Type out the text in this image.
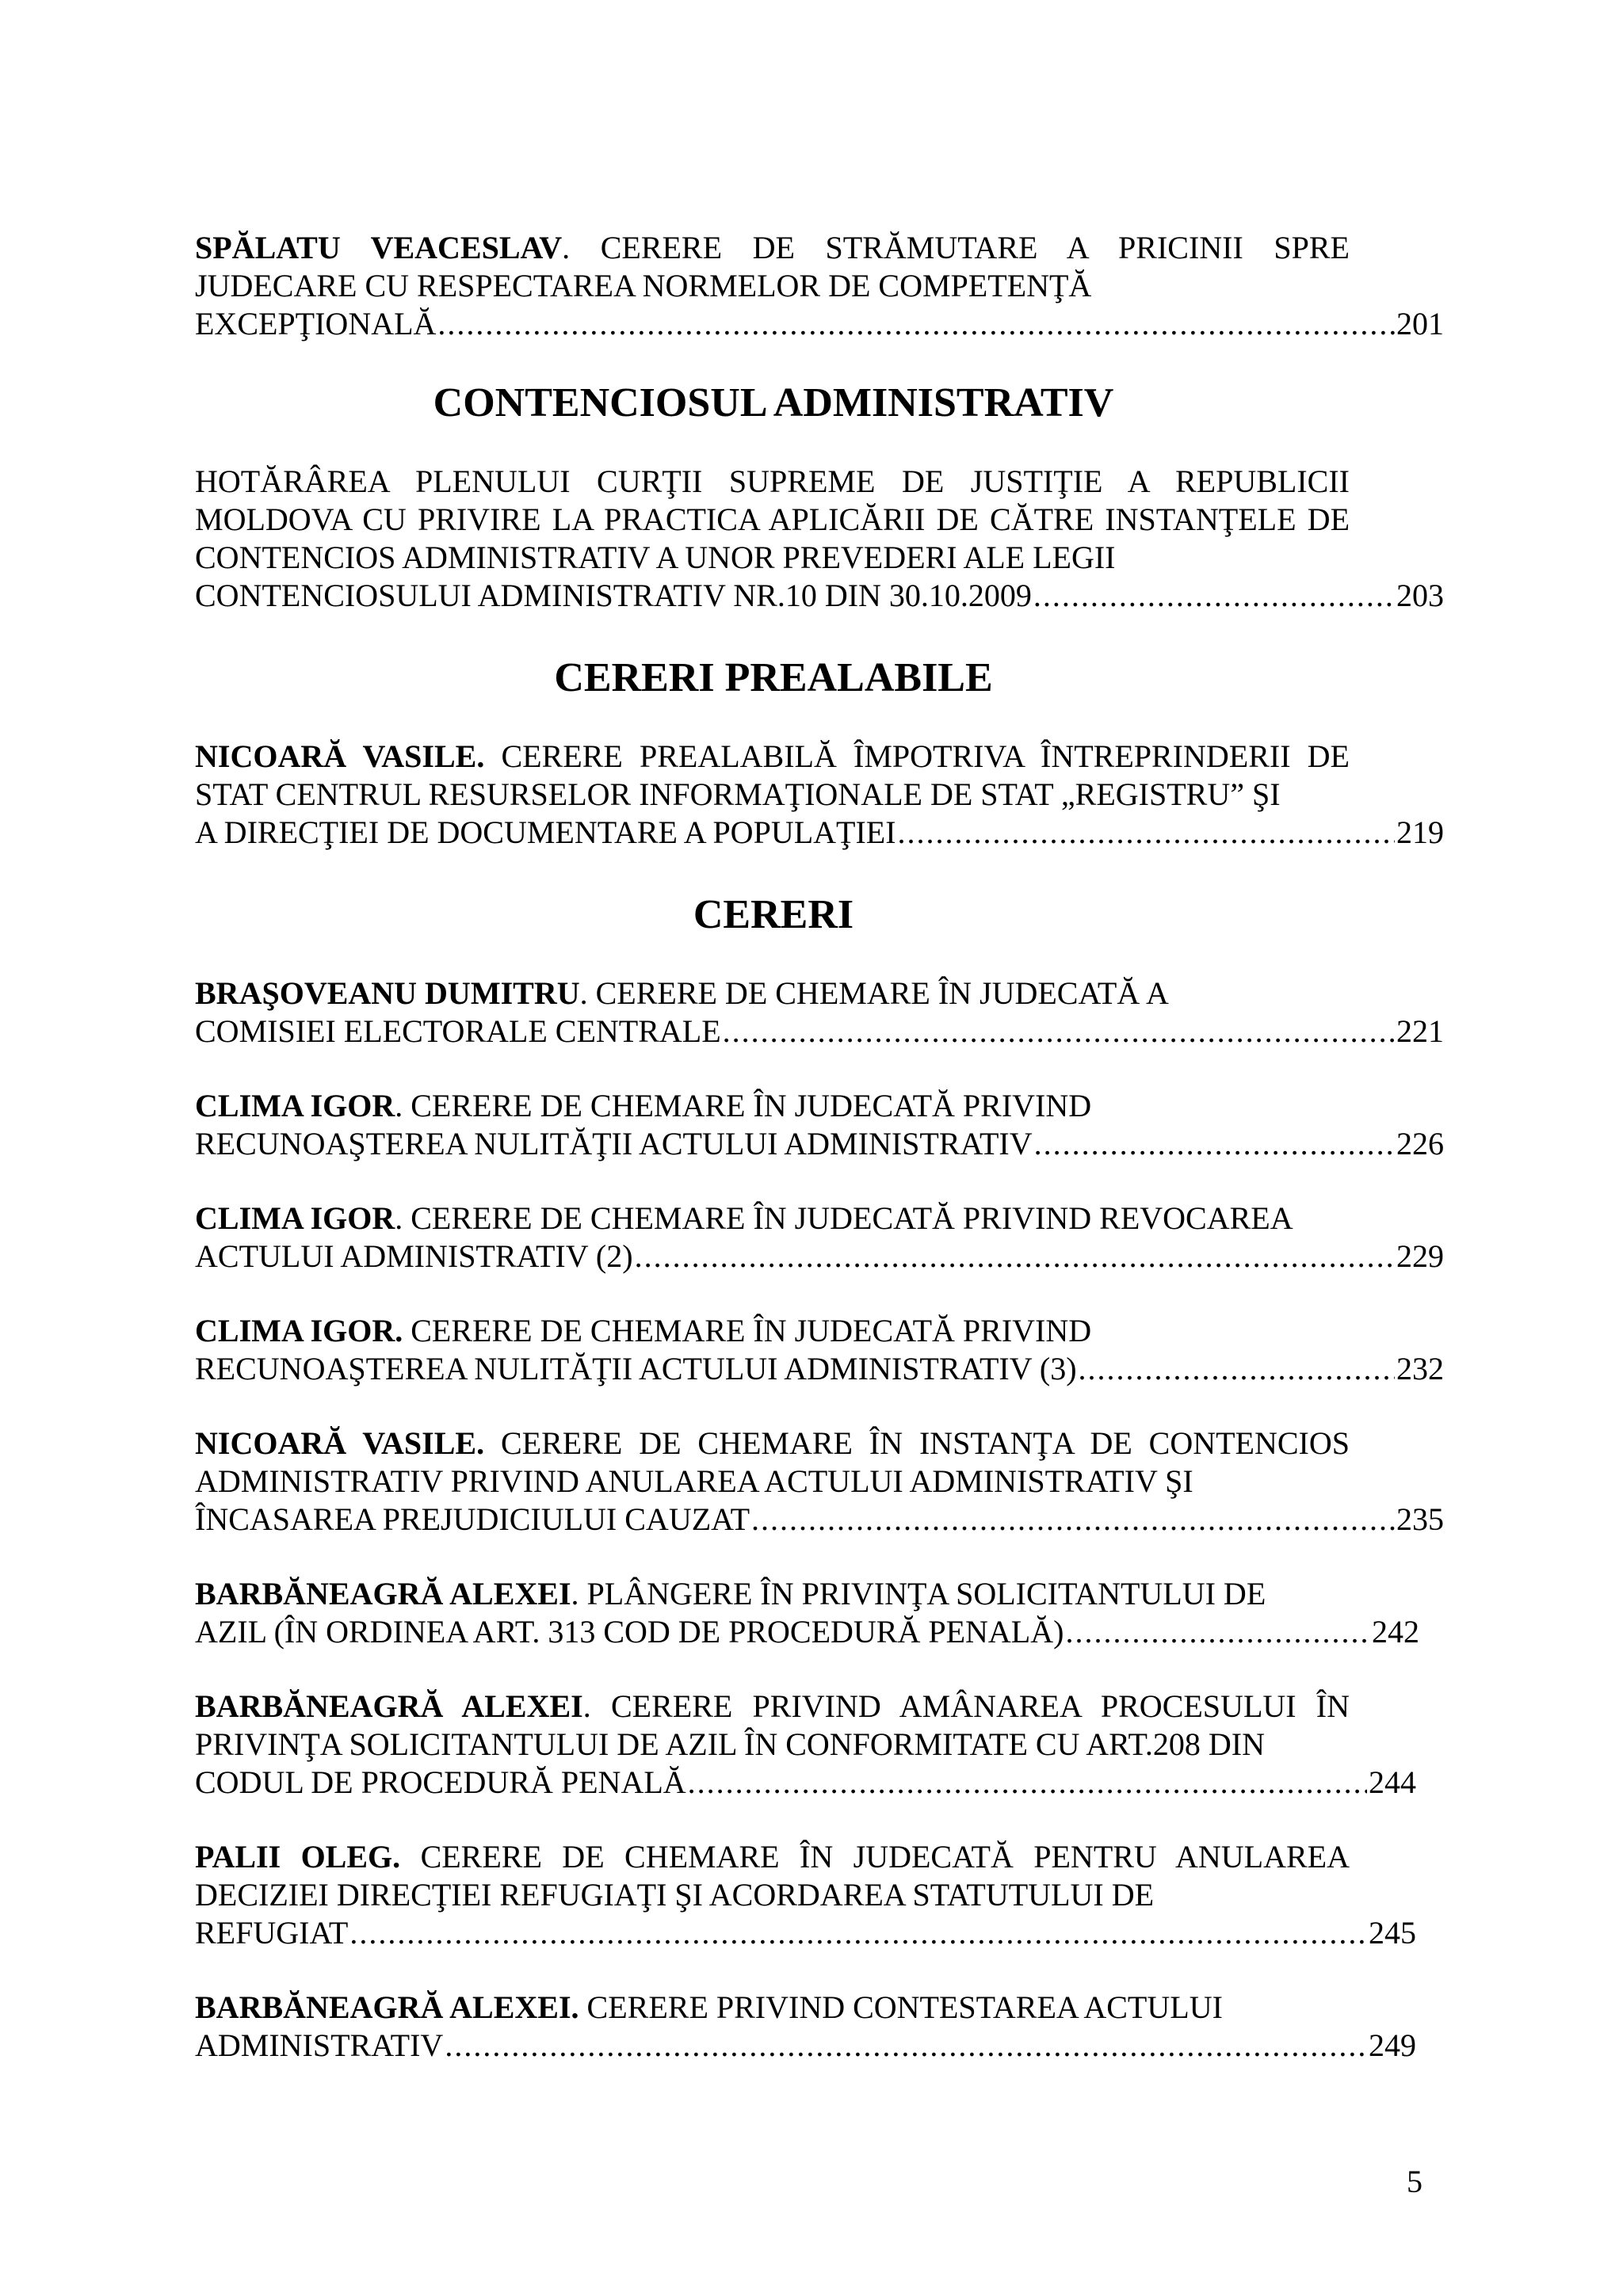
SPĂLATU VEACESLAV. CERERE DE STRĂMUTARE A PRICINII SPRE JUDECARE CU RESPECTAREA NORMELOR DE COMPETENŢĂ
EXCEPŢIONALĂ .....	201
CONTENCIOSUL ADMINISTRATIV
HOTĂRÂREA PLENULUI CURŢII SUPREME DE JUSTIŢIE A REPUBLICII MOLDOVA CU PRIVIRE LA PRACTICA APLICĂRII DE CĂTRE INSTANŢELE DE CONTENCIOS ADMINISTRATIV A UNOR PREVEDERI ALE LEGII
CONTENCIOSULUI ADMINISTRATIV NR.10 DIN 30.10.2009 .....	203
CERERI PREALABILE
NICOARĂ VASILE. CERERE PREALABILĂ ÎMPOTRIVA ÎNTREPRINDERII DE STAT CENTRUL RESURSELOR INFORMAŢIONALE DE STAT „REGISTRU” ŞI
A DIRECŢIEI DE DOCUMENTARE A POPULAŢIEI .....	219
CERERI
BRAŞOVEANU DUMITRU. CERERE DE CHEMARE ÎN JUDECATĂ A
COMISIEI ELECTORALE CENTRALE .....	221
CLIMA IGOR. CERERE DE CHEMARE ÎN JUDECATĂ PRIVIND
RECUNOAŞTEREA NULITĂŢII ACTULUI ADMINISTRATIV .....	226
CLIMA IGOR. CERERE DE CHEMARE ÎN JUDECATĂ PRIVIND REVOCAREA
ACTULUI ADMINISTRATIV (2) .....	229
CLIMA IGOR. CERERE DE CHEMARE ÎN JUDECATĂ PRIVIND
RECUNOAŞTEREA NULITĂŢII ACTULUI ADMINISTRATIV (3) .....	232
NICOARĂ VASILE. CERERE DE CHEMARE ÎN INSTANŢA DE CONTENCIOS ADMINISTRATIV PRIVIND ANULAREA ACTULUI ADMINISTRATIV ŞI
ÎNCASAREA PREJUDICIULUI CAUZAT .....	235
BARBĂNEAGRĂ ALEXEI. PLÂNGERE ÎN PRIVINŢA SOLICITANTULUI DE
AZIL (ÎN ORDINEA ART. 313 COD DE PROCEDURĂ PENALĂ) .....	242
BARBĂNEAGRĂ ALEXEI. CERERE PRIVIND AMÂNAREA PROCESULUI ÎN PRIVINŢA SOLICITANTULUI DE AZIL ÎN CONFORMITATE CU ART.208 DIN
CODUL DE PROCEDURĂ PENALĂ .....	244
PALII OLEG. CERERE DE CHEMARE ÎN JUDECATĂ PENTRU ANULAREA DECIZIEI DIRECŢIEI REFUGIAŢI ŞI ACORDAREA STATUTULUI DE
REFUGIAT .....	245
BARBĂNEAGRĂ ALEXEI. CERERE PRIVIND CONTESTAREA ACTULUI
ADMINISTRATIV .....	249
5
